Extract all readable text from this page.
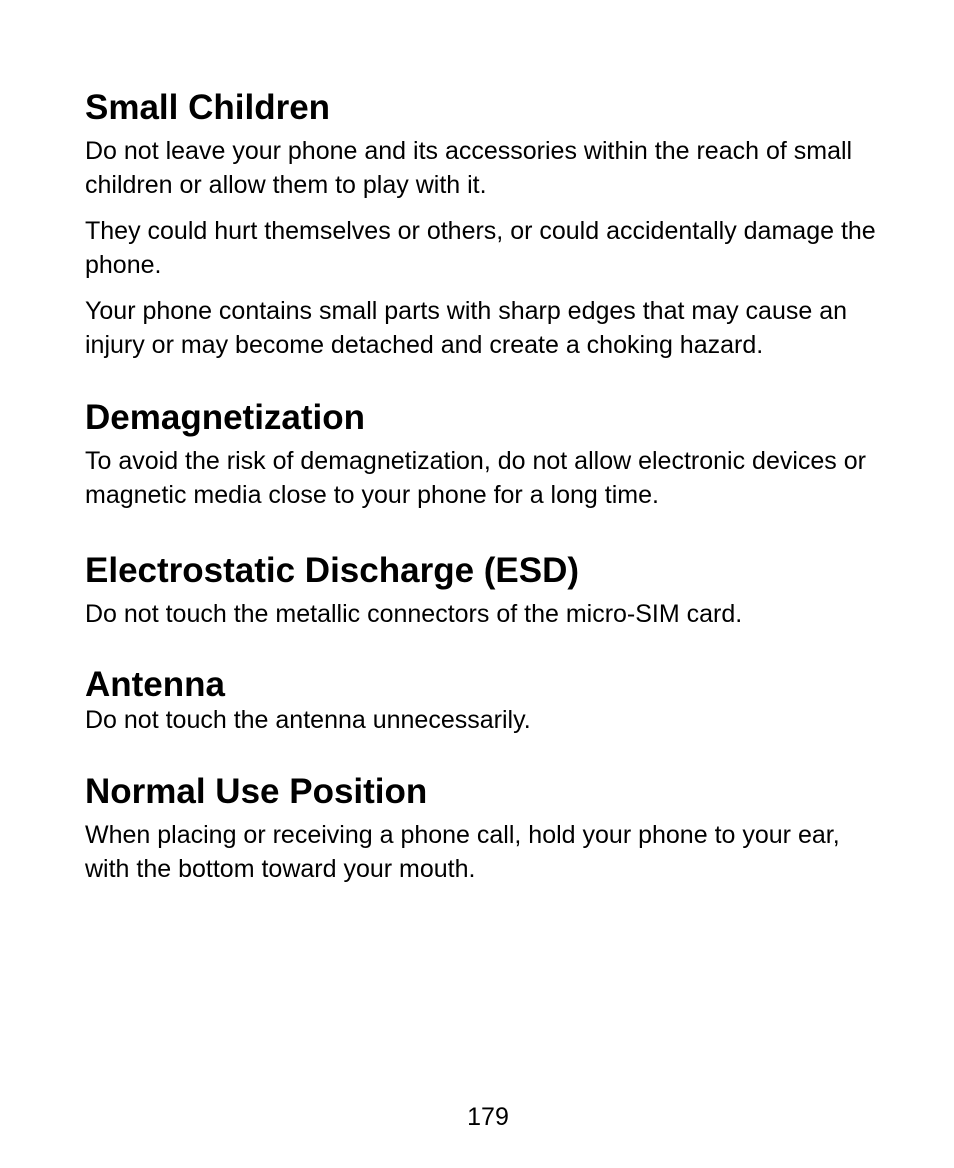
Small Children

Do not leave your phone and its accessories within the reach of small children or allow them to play with it.

They could hurt themselves or others, or could accidentally damage the phone.

Your phone contains small parts with sharp edges that may cause an injury or may become detached and create a choking hazard.

Demagnetization

To avoid the risk of demagnetization, do not allow electronic devices or magnetic media close to your phone for a long time.

Electrostatic Discharge (ESD)

Do not touch the metallic connectors of the micro-SIM card.

Antenna

Do not touch the antenna unnecessarily.

Normal Use Position

When placing or receiving a phone call, hold your phone to your ear, with the bottom toward your mouth.

179
